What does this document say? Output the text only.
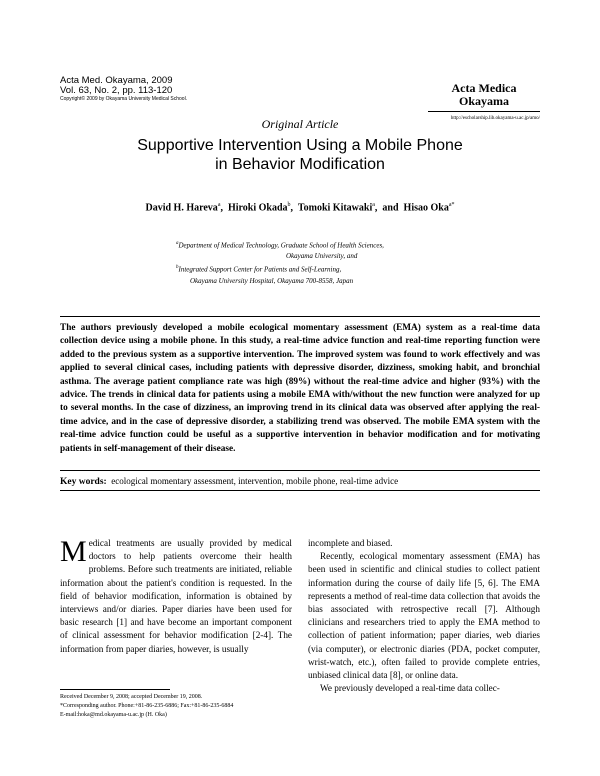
Acta Med. Okayama, 2009
Vol. 63, No. 2, pp. 113-120
Copyright© 2009 by Okayama University Medical School.
Acta Medica
Okayama
http://escholarship.lib.okayama-u.ac.jp/amo/
Original Article
Supportive Intervention Using a Mobile Phone
in Behavior Modification
David H. Hareva$^a$,  Hiroki Okada$^b$,  Tomoki Kitawaki$^a$,  and  Hisao Oka$^{a*}$
$^a$Department of Medical Technology, Graduate School of Health Sciences,
Okayama University, and
$^b$Integrated Support Center for Patients and Self-Learning,
Okayama University Hospital, Okayama 700-8558, Japan
The authors previously developed a mobile ecological momentary assessment (EMA) system as a real-time data collection device using a mobile phone. In this study, a real-time advice function and real-time reporting function were added to the previous system as a supportive intervention. The improved system was found to work effectively and was applied to several clinical cases, including patients with depressive disorder, dizziness, smoking habit, and bronchial asthma. The average patient compliance rate was high (89%) without the real-time advice and higher (93%) with the advice. The trends in clinical data for patients using a mobile EMA with/without the new function were analyzed for up to several months. In the case of dizziness, an improving trend in its clinical data was observed after applying the real-time advice, and in the case of depressive disorder, a stabilizing trend was observed. The mobile EMA system with the real-time advice function could be useful as a supportive intervention in behavior modification and for motivating patients in self-management of their disease.
Key words: ecological momentary assessment, intervention, mobile phone, real-time advice

Medical treatments are usually provided by medical doctors to help patients overcome their health problems. Before such treatments are initiated, reliable information about the patient's condition is requested. In the field of behavior modification, information is obtained by interviews and/or diaries. Paper diaries have been used for basic research [1] and have become an important component of clinical assessment for behavior modification [2-4]. The information from paper diaries, however, is usually

incomplete and biased.

Recently, ecological momentary assessment (EMA) has been used in scientific and clinical studies to collect patient information during the course of daily life [5, 6]. The EMA represents a method of real-time data collection that avoids the bias associated with retrospective recall [7]. Although clinicians and researchers tried to apply the EMA method to collection of patient information; paper diaries, web diaries (via computer), or electronic diaries (PDA, pocket computer, wrist-watch, etc.), often failed to provide complete entries, unbiased clinical data [8], or online data.

We previously developed a real-time data collec-

Received December 9, 2008; accepted December 19, 2008.
*Corresponding author. Phone:+81-86-235-6886; Fax:+81-86-235-6884
E-mail:hoka@md.okayama-u.ac.jp (H. Oka)
